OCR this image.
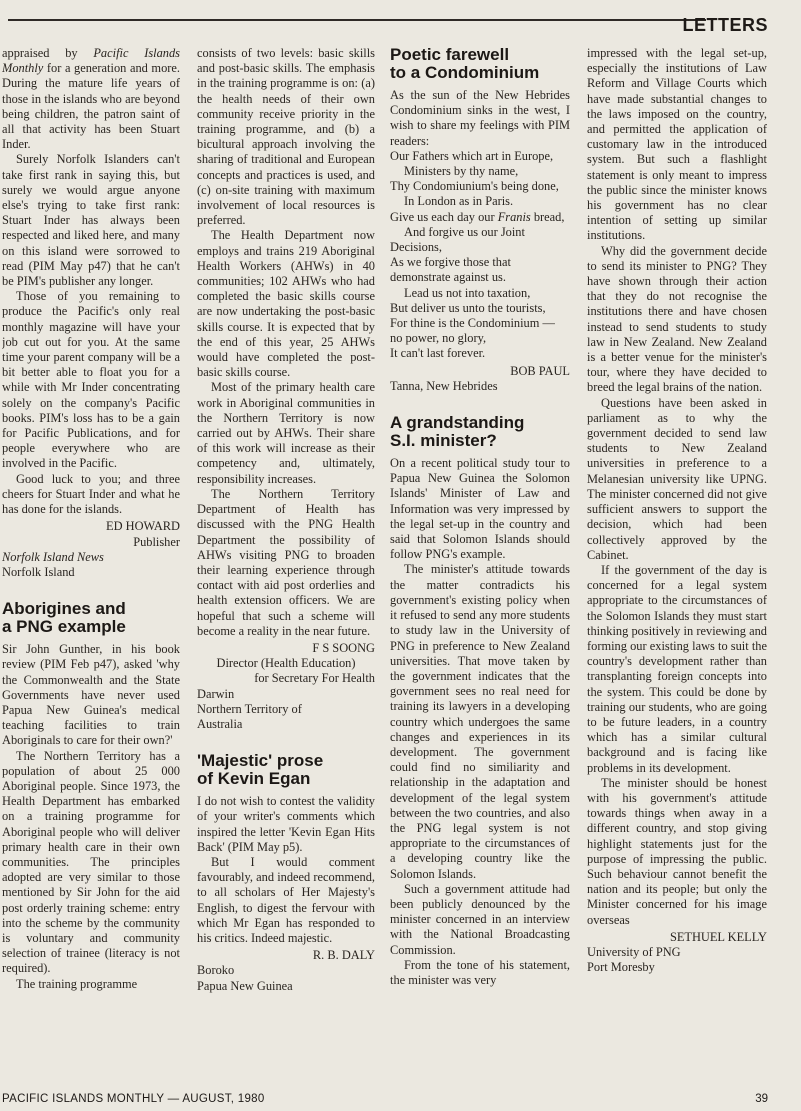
LETTERS

appraised by Pacific Islands Monthly for a generation and more. During the mature life years of those in the islands who are beyond being children, the patron saint of all that activity has been Stuart Inder.

Surely Norfolk Islanders can't take first rank in saying this, but surely we would argue anyone else's trying to take first rank: Stuart Inder has always been respected and liked here, and many on this island were sorrowed to read (PIM May p47) that he can't be PIM's publisher any longer.

Those of you remaining to produce the Pacific's only real monthly magazine will have your job cut out for you. At the same time your parent company will be a bit better able to float you for a while with Mr Inder concentrating solely on the company's Pacific books. PIM's loss has to be a gain for Pacific Publications, and for people everywhere who are involved in the Pacific.

Good luck to you; and three cheers for Stuart Inder and what he has done for the islands.

ED HOWARD

Publisher

Norfolk Island News

Norfolk Island

Aborigines and
a PNG example

Sir John Gunther, in his book review (PIM Feb p47), asked 'why the Commonwealth and the State Governments have never used Papua New Guinea's medical teaching facilities to train Aboriginals to care for their own?'

The Northern Territory has a population of about 25 000 Aboriginal people. Since 1973, the Health Department has embarked on a training programme for Aboriginal people who will deliver primary health care in their own communities. The principles adopted are very similar to those mentioned by Sir John for the aid post orderly training scheme: entry into the scheme by the community is voluntary and community selection of trainee (literacy is not required).

The training programme

consists of two levels: basic skills and post-basic skills. The emphasis in the training programme is on: (a) the health needs of their own community receive priority in the training programme, and (b) a bicultural approach involving the sharing of traditional and European concepts and practices is used, and (c) on-site training with maximum involvement of local resources is preferred.

The Health Department now employs and trains 219 Aboriginal Health Workers (AHWs) in 40 communities; 102 AHWs who had completed the basic skills course are now undertaking the post-basic skills course. It is expected that by the end of this year, 25 AHWs would have completed the post-basic skills course.

Most of the primary health care work in Aboriginal communities in the Northern Territory is now carried out by AHWs. Their share of this work will increase as their competency and, ultimately, responsibility increases.

The Northern Territory Department of Health has discussed with the PNG Health Department the possibility of AHWs visiting PNG to broaden their learning experience through contact with aid post orderlies and health extension officers. We are hopeful that such a scheme will become a reality in the near future.

F S SOONG

Director (Health Education)

for Secretary For Health

Darwin

Northern Territory of

Australia

'Majestic' prose
of Kevin Egan

I do not wish to contest the validity of your writer's comments which inspired the letter 'Kevin Egan Hits Back' (PIM May p5).

But I would comment favourably, and indeed recommend, to all scholars of Her Majesty's English, to digest the fervour with which Mr Egan has responded to his critics. Indeed majestic.

R. B. DALY

Boroko

Papua New Guinea

Poetic farewell
to a Condominium

As the sun of the New Hebrides Condominium sinks in the west, I wish to share my feelings with PIM readers:

Our Fathers which art in Europe,

Ministers by thy name,

Thy Condomiunium's being done,

In London as in Paris.

Give us each day our Franis bread,

And forgive us our Joint Decisions,

As we forgive those that demonstrate against us.

Lead us not into taxation,

But deliver us unto the tourists,

For thine is the Condominium — no power, no glory,

It can't last forever.

BOB PAUL

Tanna, New Hebrides

A grandstanding
S.I. minister?

On a recent political study tour to Papua New Guinea the Solomon Islands' Minister of Law and Information was very impressed by the legal set-up in the country and said that Solomon Islands should follow PNG's example.

The minister's attitude towards the matter contradicts his government's existing policy when it refused to send any more students to study law in the University of PNG in preference to New Zealand universities. That move taken by the government indicates that the government sees no real need for training its lawyers in a developing country which undergoes the same changes and experiences in its development. The government could find no similiarity and relationship in the adaptation and development of the legal system between the two countries, and also the PNG legal system is not appropriate to the circumstances of a developing country like the Solomon Islands.

Such a government attitude had been publicly denounced by the minister concerned in an interview with the National Broadcasting Commission.

From the tone of his statement, the minister was very

impressed with the legal set-up, especially the institutions of Law Reform and Village Courts which have made substantial changes to the laws imposed on the country, and permitted the application of customary law in the introduced system. But such a flashlight statement is only meant to impress the public since the minister knows his government has no clear intention of setting up similar institutions.

Why did the government decide to send its minister to PNG? They have shown through their action that they do not recognise the institutions there and have chosen instead to send students to study law in New Zealand. New Zealand is a better venue for the minister's tour, where they have decided to breed the legal brains of the nation.

Questions have been asked in parliament as to why the government decided to send law students to New Zealand universities in preference to a Melanesian university like UPNG. The minister concerned did not give sufficient answers to support the decision, which had been collectively approved by the Cabinet.

If the government of the day is concerned for a legal system appropriate to the circumstances of the Solomon Islands they must start thinking positively in reviewing and forming our existing laws to suit the country's development rather than transplanting foreign concepts into the system. This could be done by training our students, who are going to be future leaders, in a country which has a similar cultural background and is facing like problems in its development.

The minister should be honest with his government's attitude towards things when away in a different country, and stop giving highlight statements just for the purpose of impressing the public. Such behaviour cannot benefit the nation and its people; but only the Minister concerned for his image overseas

SETHUEL KELLY

University of PNG

Port Moresby

PACIFIC ISLANDS MONTHLY — AUGUST, 1980	39
